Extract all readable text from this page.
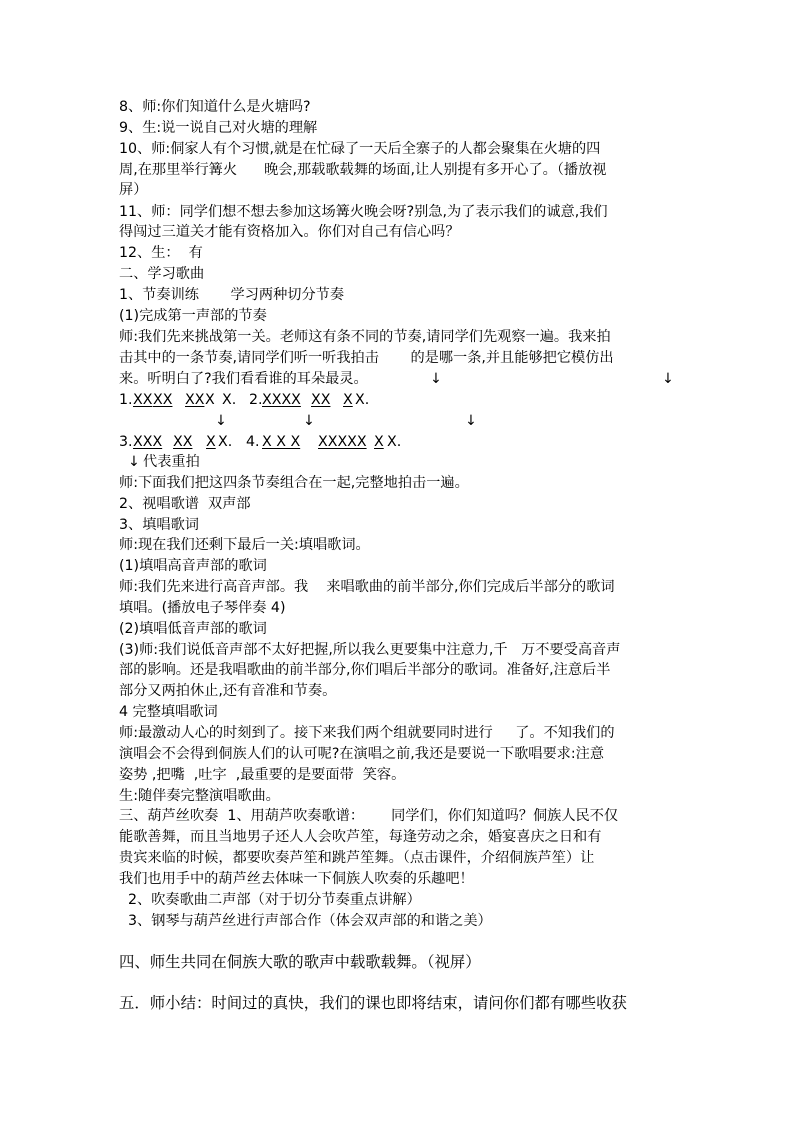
8、师:你们知道什么是火塘吗?
9、生:说一说自己对火塘的理解
10、师:侗家人有个习惯,就是在忙碌了一天后全寨子的人都会聚集在火塘的四
周,在那里举行篝火      晚会,那载歌载舞的场面,让人别提有多开心了。（播放视
屏）
11、师：同学们想不想去参加这场篝火晚会呀?别急,为了表示我们的诚意,我们
得闯过三道关才能有资格加入。你们对自己有信心吗？
12、生：  有
二、学习歌曲
1、节奏训练       学习两种切分节奏
(1)完成第一声部的节奏
师:我们先来挑战第一关。老师这有条不同的节奏,请同学们先观察一遍。我来拍
击其中的一条节奏,请同学们听一听我拍击       的是哪一条,并且能够把它模仿出
来。听明白了?我们看看谁的耳朵最灵。	↓	↓
1. XX XX XX X X. 2. XXXX XX X X.
↓	↓	↓
3. XXX XX X X. 4. X X X XXXXX X X.
↓ 代表重拍
师:下面我们把这四条节奏组合在一起,完整地拍击一遍。
2、视唱歌谱  双声部
3、填唱歌词
师:现在我们还剩下最后一关:填唱歌词。
(1)填唱高音声部的歌词
师:我们先来进行高音声部。我    来唱歌曲的前半部分,你们完成后半部分的歌词
填唱。(播放电子琴伴奏 4)
(2)填唱低音声部的歌词
(3)师:我们说低音声部不太好把握,所以我么更要集中注意力,千   万不要受高音声
部的影响。还是我唱歌曲的前半部分,你们唱后半部分的歌词。准备好,注意后半
部分又两拍休止,还有音准和节奏。
4 完整填唱歌词
师:最激动人心的时刻到了。接下来我们两个组就要同时进行     了。不知我们的
演唱会不会得到侗族人们的认可呢?在演唱之前,我还是要说一下歌唱要求:注意
姿势 ,把嘴  ,吐字  ,最重要的是要面带  笑容。
生:随伴奏完整演唱歌曲。
三、葫芦丝吹奏  1、用葫芦吹奏歌谱：      同学们，你们知道吗？侗族人民不仅
能歌善舞，而且当地男子还人人会吹芦笙，每逢劳动之余，婚宴喜庆之日和有
贵宾来临的时候，都要吹奏芦笙和跳芦笙舞。（点击课件，介绍侗族芦笙）让
我们也用手中的葫芦丝去体味一下侗族人吹奏的乐趣吧！
2、吹奏歌曲二声部（对于切分节奏重点讲解）
3、钢琴与葫芦丝进行声部合作（体会双声部的和谐之美）
四、师生共同在侗族大歌的歌声中载歌载舞。（视屏）
五．师小结：时间过的真快，我们的课也即将结束，请问你们都有哪些收获
